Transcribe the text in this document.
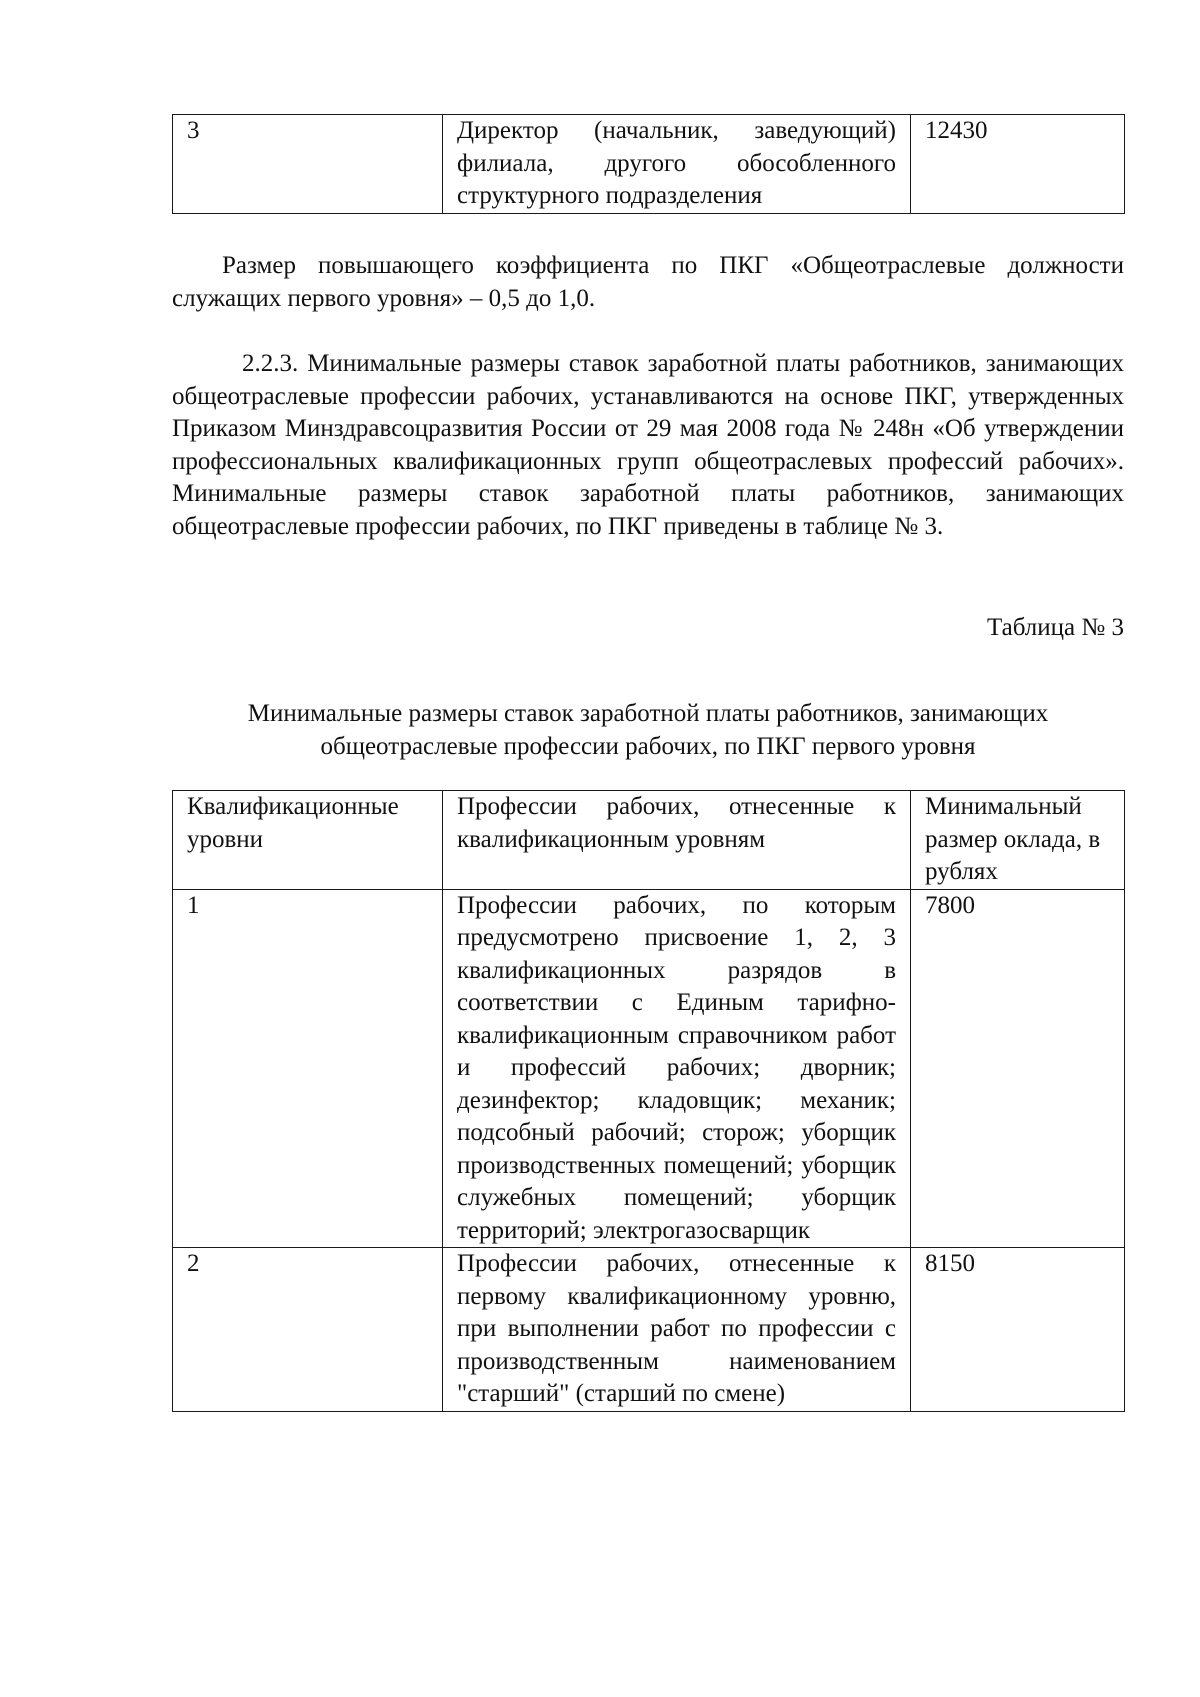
3	Директор (начальник, заведующий) филиала, другого обособленного структурного подразделения	12430

Размер повышающего коэффициента по ПКГ «Общеотраслевые должности служащих первого уровня» – 0,5 до 1,0.

2.2.3. Минимальные размеры ставок заработной платы работников, занимающих общеотраслевые профессии рабочих, устанавливаются на основе ПКГ, утвержденных Приказом Минздравсоцразвития России от 29 мая 2008 года № 248н «Об утверждении профессиональных квалификационных групп общеотраслевых профессий рабочих». Минимальные размеры ставок заработной платы работников, занимающих общеотраслевые профессии рабочих, по ПКГ приведены в таблице № 3.

Таблица № 3

Минимальные размеры ставок заработной платы работников, занимающих общеотраслевые профессии рабочих, по ПКГ первого уровня

Квалификационные уровни	Профессии рабочих, отнесенные к квалификационным уровням	Минимальный размер оклада, в рублях
1	Профессии рабочих, по которым предусмотрено присвоение 1, 2, 3 квалификационных разрядов в соответствии с Единым тарифно-квалификационным справочником работ и профессий рабочих; дворник; дезинфектор; кладовщик; механик; подсобный рабочий; сторож; уборщик производственных помещений; уборщик служебных помещений; уборщик территорий; электрогазосварщик	7800
2	Профессии рабочих, отнесенные к первому квалификационному уровню, при выполнении работ по профессии с производственным наименованием "старший" (старший по смене)	8150
